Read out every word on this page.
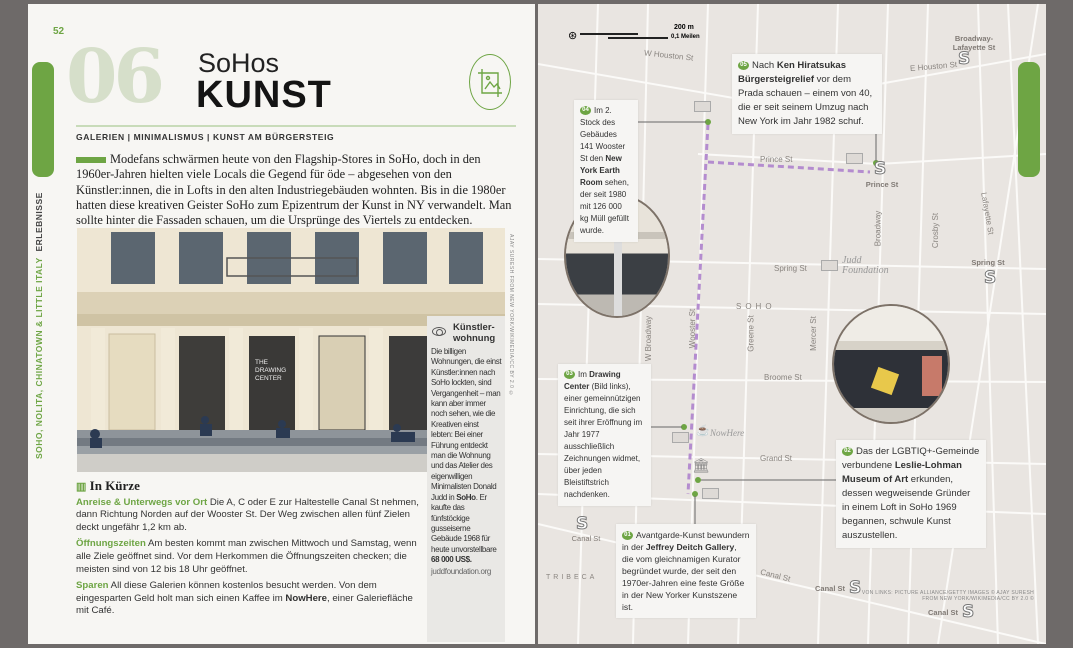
52
06 SoHos
KUNST
GALERIEN | MINIMALISMUS | KUNST AM BÜRGERSTEIG
Modefans schwärmen heute von den Flagship-Stores in SoHo, doch in den 1960er-Jahren hielten viele Locals die Gegend für öde – abgesehen von den Künstler:innen, die in Lofts in den alten Industriegebäuden wohnten. Bis in die 1980er hatten diese kreativen Geister SoHo zum Epizentrum der Kunst in NY verwandelt. Man sollte hinter die Fassaden schauen, um die Ursprünge des Viertels zu entdecken.
SOHO, NOLITA, CHINATOWN & LITTLE ITALY  ERLEBNISSE
THE DRAWING CENTER	AJAY SURESH FROM NEW YORK/WIKIMEDIA/CC BY 2.0 ©
Künstler-wohnung

Die billigen Wohnungen, die einst Künstler:innen nach SoHo lockten, sind Vergangenheit – man kann aber immer noch sehen, wie die Kreativen einst lebten: Bei einer Führung entdeckt man die Wohnung und das Atelier des eigenwilligen Minimalisten Donald Judd in SoHo. Er kaufte das fünfstöckige gusseiserne Gebäude 1968 für heute unvorstellbare 68 000 US$.

juddfoundation.org

▥ In Kürze

Anreise & Unterwegs vor Ort Die A, C oder E zur Haltestelle Canal St nehmen, dann Richtung Norden auf der Wooster St. Der Weg zwischen allen fünf Zielen deckt ungefähr 1,2 km ab.

Öffnungszeiten Am besten kommt man zwischen Mittwoch und Samstag, wenn alle Ziele geöffnet sind. Vor dem Herkommen die Öffnungszeiten checken; die meisten sind von 12 bis 18 Uhr geöffnet.

Sparen All diese Galerien können kostenlos besucht werden. Von dem eingesparten Geld holt man sich einen Kaffee im NowHere, einer Galeriefläche mit Café.

⊛
200 m
0,1 Meilen
W Houston St
E Houston St
Prince St
Spring St
Broome St
Grand St
Canal St
W Broadway	Wooster St	Greene St	Mercer St
Broadway	Crosby St	Lafayette St
Broadway-Lafayette St
S
S
Prince St
Spring St
S
S
Canal St
Canal St S
Canal St S
SOHO
TRIBECA
Judd Foundation
☕ NowHere
🏛
05 Nach Ken Hiratsukas Bürgersteigrelief vor dem Prada schauen – einem von 40, die er seit seinem Umzug nach New York im Jahr 1982 schuf.
04 Im 2. Stock des Gebäudes 141 Wooster St den New York Earth Room sehen, der seit 1980 mit 126 000 kg Müll gefüllt wurde.
03 Im Drawing Center (Bild links), einer gemeinnützigen Einrichtung, die sich seit ihrer Eröffnung im Jahr 1977 ausschließlich Zeichnungen widmet, über jeden Bleistiftstrich nachdenken.
02 Das der LGBTIQ+-Gemeinde verbundene Leslie-Lohman Museum of Art erkunden, dessen wegweisende Gründer in einem Loft in SoHo 1969 begannen, schwule Kunst auszustellen.
01 Avantgarde-Kunst bewundern in der Jeffrey Deitch Gallery, die vom gleichnamigen Kurator begründet wurde, der seit den 1970er-Jahren eine feste Größe in der New Yorker Kunstszene ist.
VON LINKS: PICTURE ALLIANCE/GETTY IMAGES © AJAY SURESH FROM NEW YORK/WIKIMEDIA/CC BY 2.0 ©
